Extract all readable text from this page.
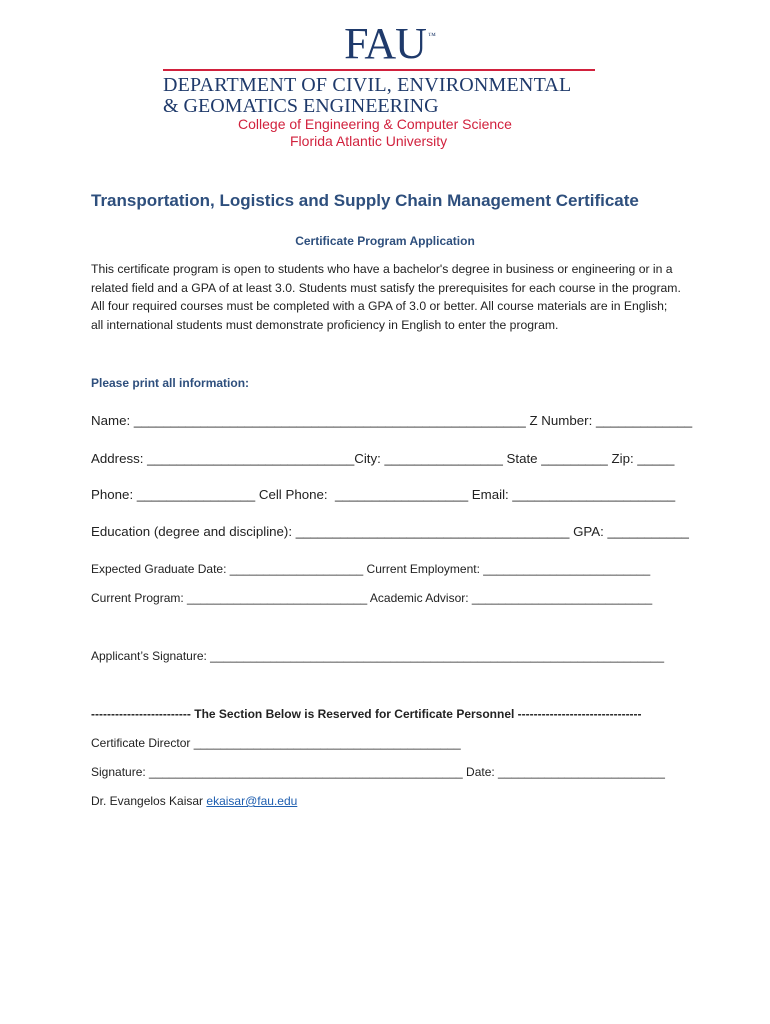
FAU ™
DEPARTMENT OF CIVIL, ENVIRONMENTAL
& GEOMATICS ENGINEERING
College of Engineering & Computer Science
Florida Atlantic University
Transportation, Logistics and Supply Chain Management Certificate
Certificate Program Application

This certificate program is open to students who have a bachelor's degree in business or engineering or in a related field and a GPA of at least 3.0. Students must satisfy the prerequisites for each course in the program. All four required courses must be completed with a GPA of 3.0 or better. All course materials are in English; all international students must demonstrate proficiency in English to enter the program.

Please print all information:
Name: _____________________________________________________ Z Number: _____________
Address: ____________________________City: ________________ State _________ Zip: _____
Phone: ________________ Cell Phone:  __________________ Email: ______________________
Education (degree and discipline): _____________________________________ GPA: ___________
Expected Graduate Date: ____________________ Current Employment: _________________________
Current Program: ___________________________ Academic Advisor: ___________________________
Applicant’s Signature: ____________________________________________________________________
------------------------- The Section Below is Reserved for Certificate Personnel -------------------------------
Certificate Director ________________________________________
Signature: _______________________________________________ Date: _________________________
Dr. Evangelos Kaisar ekaisar@fau.edu
